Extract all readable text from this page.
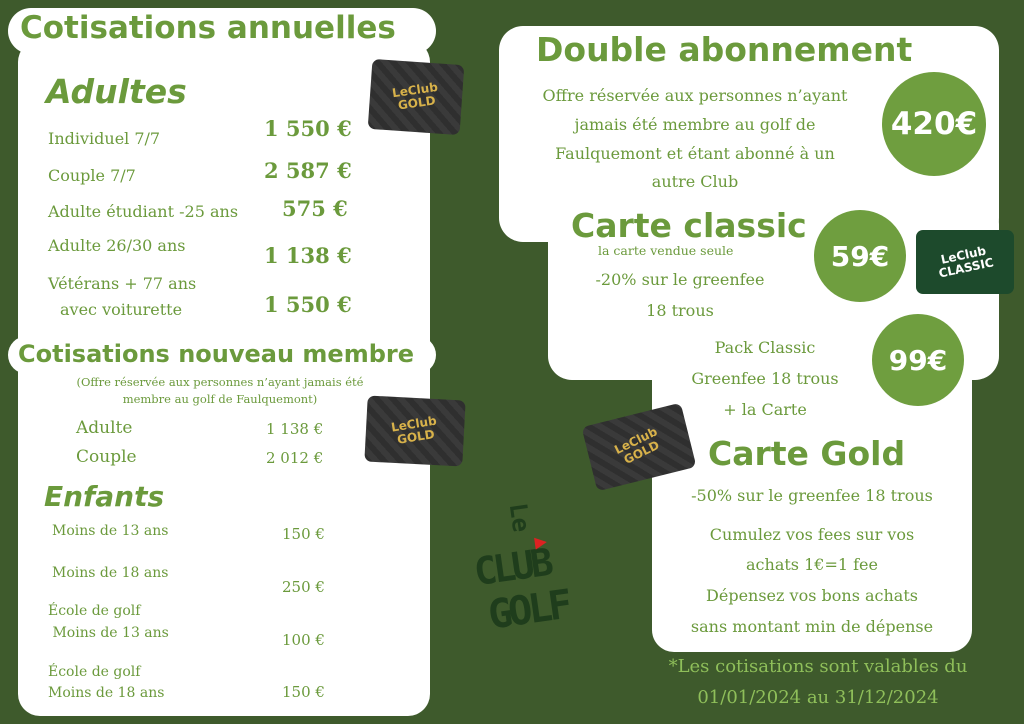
Cotisations annuelles
Adultes
Individuel 7/7	1 550 €
Couple 7/7	2 587 €
Adulte étudiant -25 ans 575 €
Adulte 26/30 ans	1 138 €
Vétérans + 77 ans
avec voiturette	1 550 €
Cotisations nouveau membre
(Offre réservée aux personnes n’ayant jamais été
membre au golf de Faulquemont)
Adulte	1 138 €
Couple	2 012 €
Enfants
Moins de 13 ans	150 €
Moins de 18 ans
250 €
École de golf
Moins de 13 ans	100 €
École de golf
Moins de 18 ans	150 €
LeClub
GOLD
LeClub
GOLD
Double abonnement
Offre réservée aux personnes n’ayant
jamais été membre au golf de
Faulquemont et étant abonné à un
autre Club
420€
Carte classic
la carte vendue seule
-20% sur le greenfee
18 trous
59€	LeClub
CLASSIC
Pack Classic
Greenfee 18 trous
+ la Carte
99€
LeClub
GOLD Carte Gold
-50% sur le greenfee 18 trous
Cumulez vos fees sur vos
achats 1€=1 fee
Dépensez vos bons achats
sans montant min de dépense
Le
CLUB
GOLF
*Les cotisations sont valables du
01/01/2024 au 31/12/2024
